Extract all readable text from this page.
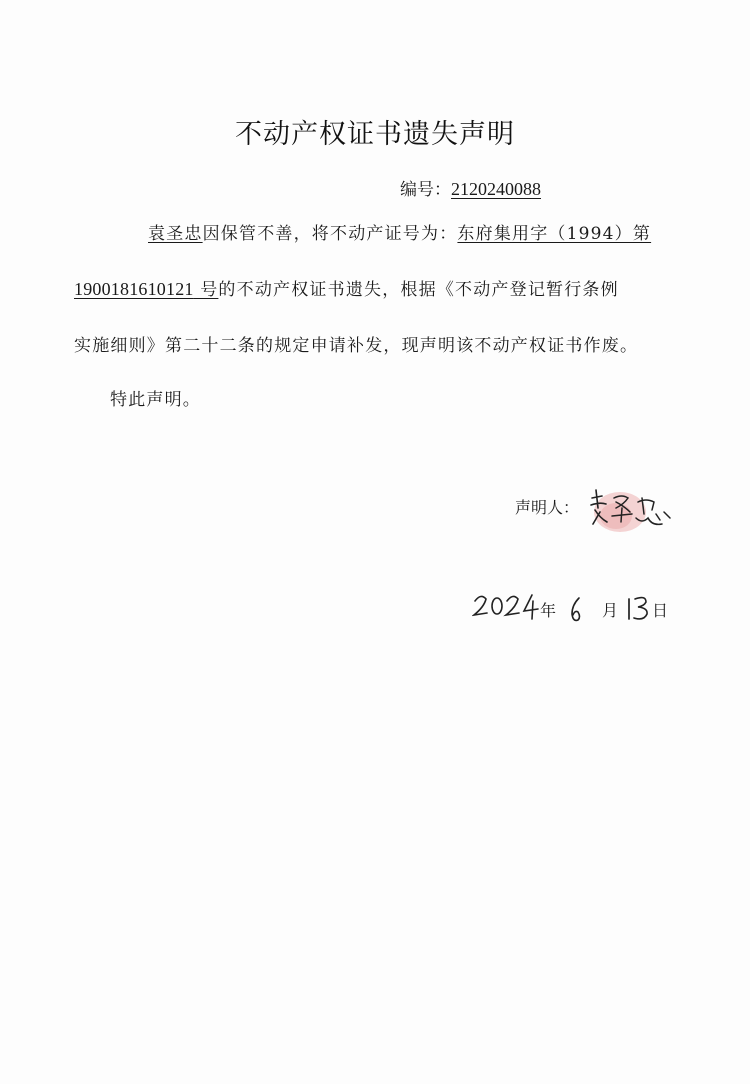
不动产权证书遗失声明
编号：2120240088
袁圣忠因保管不善，将不动产证号为：东府集用字（1994）第
1900181610121 号的不动产权证书遗失，根据《不动产登记暂行条例
实施细则》第二十二条的规定申请补发，现声明该不动产权证书作废。
特此声明。
声明人：
年	月 日
